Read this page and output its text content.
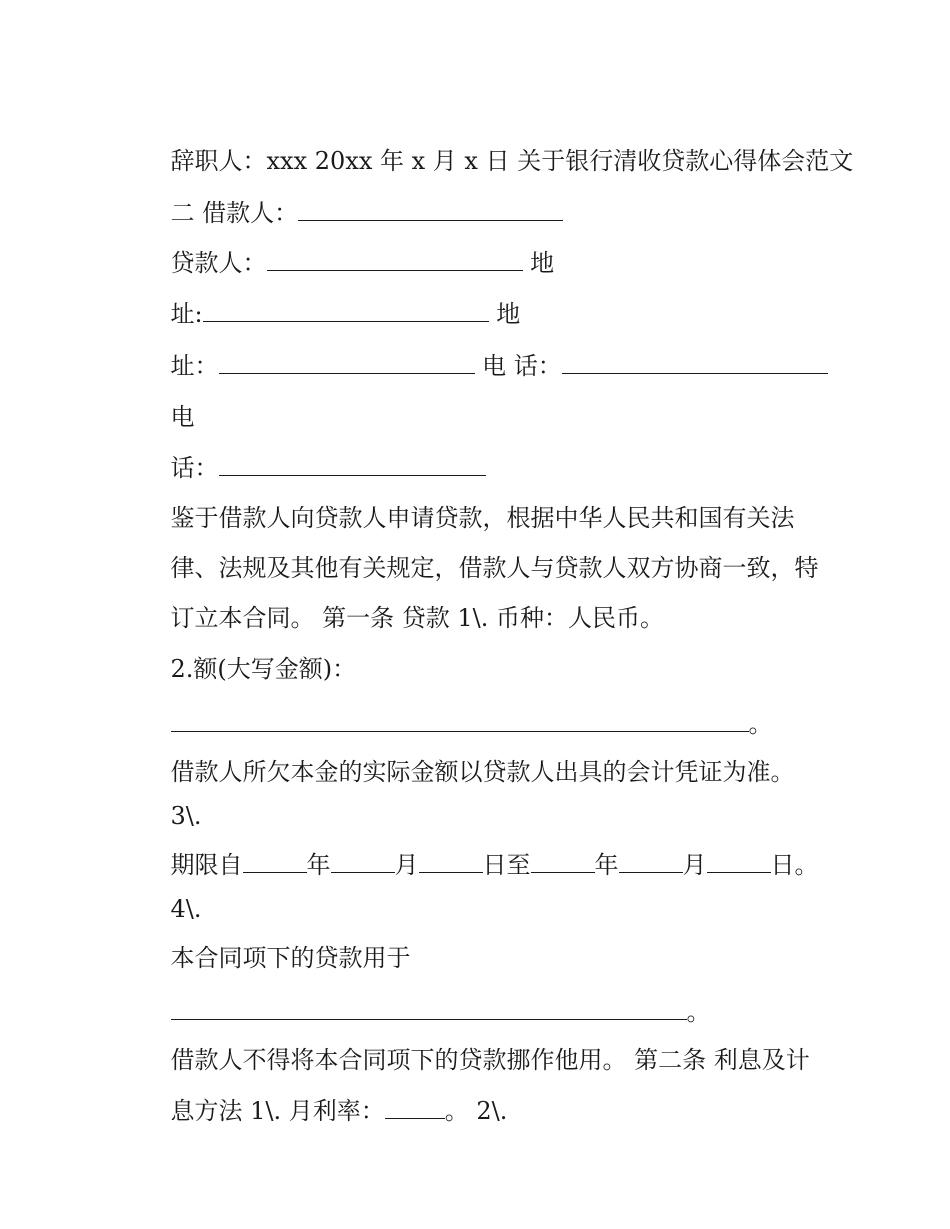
辞职人：xxx 20xx 年 x 月 x 日 关于银行清收贷款心得体会范文

二 借款人：

贷款人：	地

址:	地

址：	电 话：

电

话：

鉴于借款人向贷款人申请贷款，根据中华人民共和国有关法

律、法规及其他有关规定，借款人与贷款人双方协商一致，特

订立本合同。 第一条 贷款 1\. 币种：人民币。

2.额(大写金额)：

。

借款人所欠本金的实际金额以贷款人出具的会计凭证为准。

3\.

期限自	年	月	日至	年	月	日。

4\.

本合同项下的贷款用于

。

借款人不得将本合同项下的贷款挪作他用。 第二条 利息及计

息方法 1\. 月利率：	。 2\.
